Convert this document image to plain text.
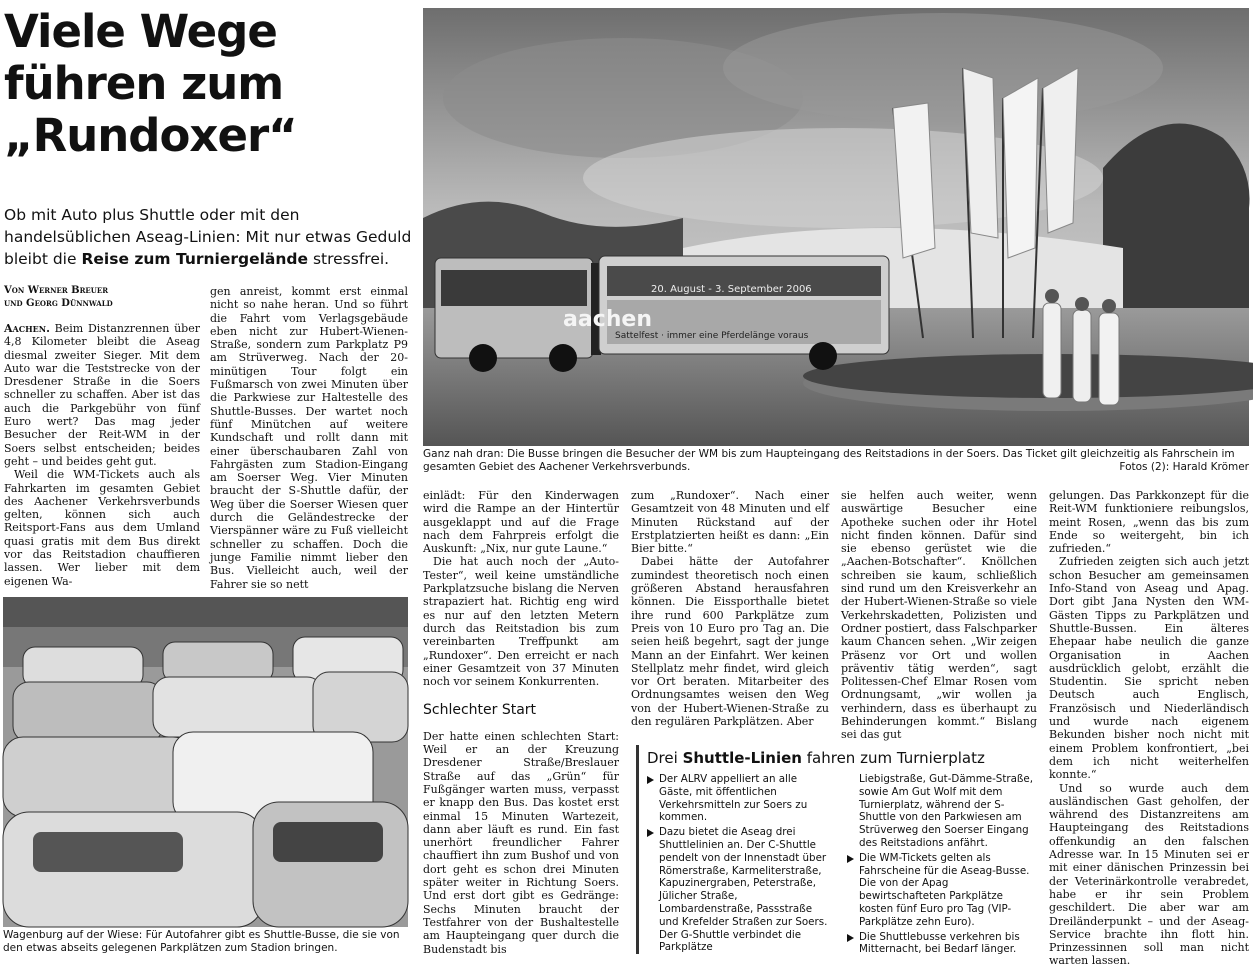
Viele Wege führen zum „Rundoxer“
Ob mit Auto plus Shuttle oder mit den handelsüblichen Aseag-Linien: Mit nur etwas Geduld bleibt die Reise zum Turniergelände stressfrei.
Von Werner Breuer
und Georg Dünnwald

Aachen. Beim Distanzrennen über 4,8 Kilometer bleibt die Aseag diesmal zweiter Sieger. Mit dem Auto war die Teststrecke von der Dresdener Straße in die Soers schneller zu schaffen. Aber ist das auch die Parkgebühr von fünf Euro wert? Das mag jeder Besucher der Reit-WM in der Soers selbst entscheiden; beides geht – und beides geht gut.

Weil die WM-Tickets auch als Fahrkarten im gesamten Gebiet des Aachener Verkehrsverbunds gelten, können sich auch Reitsport-Fans aus dem Umland quasi gratis mit dem Bus direkt vor das Reitstadion chauffieren lassen. Wer lieber mit dem eigenen Wa-

gen anreist, kommt erst einmal nicht so nahe heran. Und so führt die Fahrt vom Verlagsgebäude eben nicht zur Hubert-Wienen-Straße, sondern zum Parkplatz P9 am Strüverweg. Nach der 20-minütigen Tour folgt ein Fußmarsch von zwei Minuten über die Parkwiese zur Haltestelle des Shuttle-Busses. Der wartet noch fünf Minütchen auf weitere Kundschaft und rollt dann mit einer überschaubaren Zahl von Fahrgästen zum Stadion-Eingang am Soerser Weg. Vier Minuten braucht der S-Shuttle dafür, der Weg über die Soerser Wiesen quer durch die Geländestrecke der Vierspänner wäre zu Fuß vielleicht schneller zu schaffen. Doch die junge Familie nimmt lieber den Bus. Vielleicht auch, weil der Fahrer sie so nett

20. August - 3. September 2006
aachen
Sattelfest · immer eine Pferdelänge voraus
Ganz nah dran: Die Busse bringen die Besucher der WM bis zum Haupteingang des Reitstadions in der Soers. Das Ticket gilt gleichzeitig als Fahrschein im gesamten Gebiet des Aachener Verkehrsverbunds.	Fotos (2): Harald Krömer
Wagenburg auf der Wiese: Für Autofahrer gibt es Shuttle-Busse, die sie von den etwas abseits gelegenen Parkplätzen zum Stadion bringen.

einlädt: Für den Kinderwagen wird die Rampe an der Hintertür ausgeklappt und auf die Frage nach dem Fahrpreis erfolgt die Auskunft: „Nix, nur gute Laune.“

Die hat auch noch der „Auto-Tester“, weil keine umständliche Parkplatzsuche bislang die Nerven strapaziert hat. Richtig eng wird es nur auf den letzten Metern durch das Reitstadion bis zum vereinbarten Treffpunkt am „Rundoxer“. Den erreicht er nach einer Gesamtzeit von 37 Minuten noch vor seinem Konkurrenten.

Schlechter Start

Der hatte einen schlechten Start: Weil er an der Kreuzung Dresdener Straße/Breslauer Straße auf das „Grün“ für Fußgänger warten muss, verpasst er knapp den Bus. Das kostet erst einmal 15 Minuten Wartezeit, dann aber läuft es rund. Ein fast unerhört freundlicher Fahrer chauffiert ihn zum Bushof und von dort geht es schon drei Minuten später weiter in Richtung Soers. Und erst dort gibt es Gedränge: Sechs Minuten braucht der Testfahrer von der Bushaltestelle am Haupteingang quer durch die Budenstadt bis

zum „Rundoxer“. Nach einer Gesamtzeit von 48 Minuten und elf Minuten Rückstand auf der Erstplatzierten heißt es dann: „Ein Bier bitte.“

Dabei hätte der Autofahrer zumindest theoretisch noch einen größeren Abstand herausfahren können. Die Eissporthalle bietet ihre rund 600 Parkplätze zum Preis von 10 Euro pro Tag an. Die seien heiß begehrt, sagt der junge Mann an der Einfahrt. Wer keinen Stellplatz mehr findet, wird gleich vor Ort beraten. Mitarbeiter des Ordnungsamtes weisen den Weg von der Hubert-Wienen-Straße zu den regulären Parkplätzen. Aber

sie helfen auch weiter, wenn auswärtige Besucher eine Apotheke suchen oder ihr Hotel nicht finden können. Dafür sind sie ebenso gerüstet wie die „Aachen-Botschafter“. Knöllchen schreiben sie kaum, schließlich sind rund um den Kreisverkehr an der Hubert-Wienen-Straße so viele Verkehrskadetten, Polizisten und Ordner postiert, dass Falschparker kaum Chancen sehen. „Wir zeigen Präsenz vor Ort und wollen präventiv tätig werden“, sagt Politessen-Chef Elmar Rosen vom Ordnungsamt, „wir wollen ja verhindern, dass es überhaupt zu Behinderungen kommt.“ Bislang sei das gut

gelungen. Das Parkkonzept für die Reit-WM funktioniere reibungslos, meint Rosen, „wenn das bis zum Ende so weitergeht, bin ich zufrieden.“

Zufrieden zeigten sich auch jetzt schon Besucher am gemeinsamen Info-Stand von Aseag und Apag. Dort gibt Jana Nysten den WM-Gästen Tipps zu Parkplätzen und Shuttle-Bussen. Ein älteres Ehepaar habe neulich die ganze Organisation in Aachen ausdrücklich gelobt, erzählt die Studentin. Sie spricht neben Deutsch auch Englisch, Französisch und Niederländisch und wurde nach eigenem Bekunden bisher noch nicht mit einem Problem konfrontiert, „bei dem ich nicht weiterhelfen konnte.“

Und so wurde auch dem ausländischen Gast geholfen, der während des Distanzreitens am Haupteingang des Reitstadions offenkundig an den falschen Adresse war. In 15 Minuten sei er mit einer dänischen Prinzessin bei der Veterinärkontrolle verabredet, habe er ihr sein Problem geschildert. Die aber war am Dreiländerpunkt – und der Aseag-Service brachte ihn flott hin. Prinzessinnen soll man nicht warten lassen.

Drei Shuttle-Linien fahren zum Turnierplatz
Der ALRV appelliert an alle Gäste, mit öffentlichen Verkehrsmitteln zur Soers zu kommen.
Dazu bietet die Aseag drei Shuttlelinien an. Der C-Shuttle pendelt von der Innenstadt über Römerstraße, Karmeliterstraße, Kapuzinergraben, Peterstraße, Jülicher Straße, Lombardenstraße, Passstraße und Krefelder Straßen zur Soers. Der G-Shuttle verbindet die Parkplätze
Liebigstraße, Gut-Dämme-Straße, sowie Am Gut Wolf mit dem Turnierplatz, während der S-Shuttle von den Parkwiesen am Strüverweg den Soerser Eingang des Reitstadions anfährt.
Die WM-Tickets gelten als Fahrscheine für die Aseag-Busse. Die von der Apag bewirtschafteten Parkplätze kosten fünf Euro pro Tag (VIP-Parkplätze zehn Euro).
Die Shuttlebusse verkehren bis Mitternacht, bei Bedarf länger.
